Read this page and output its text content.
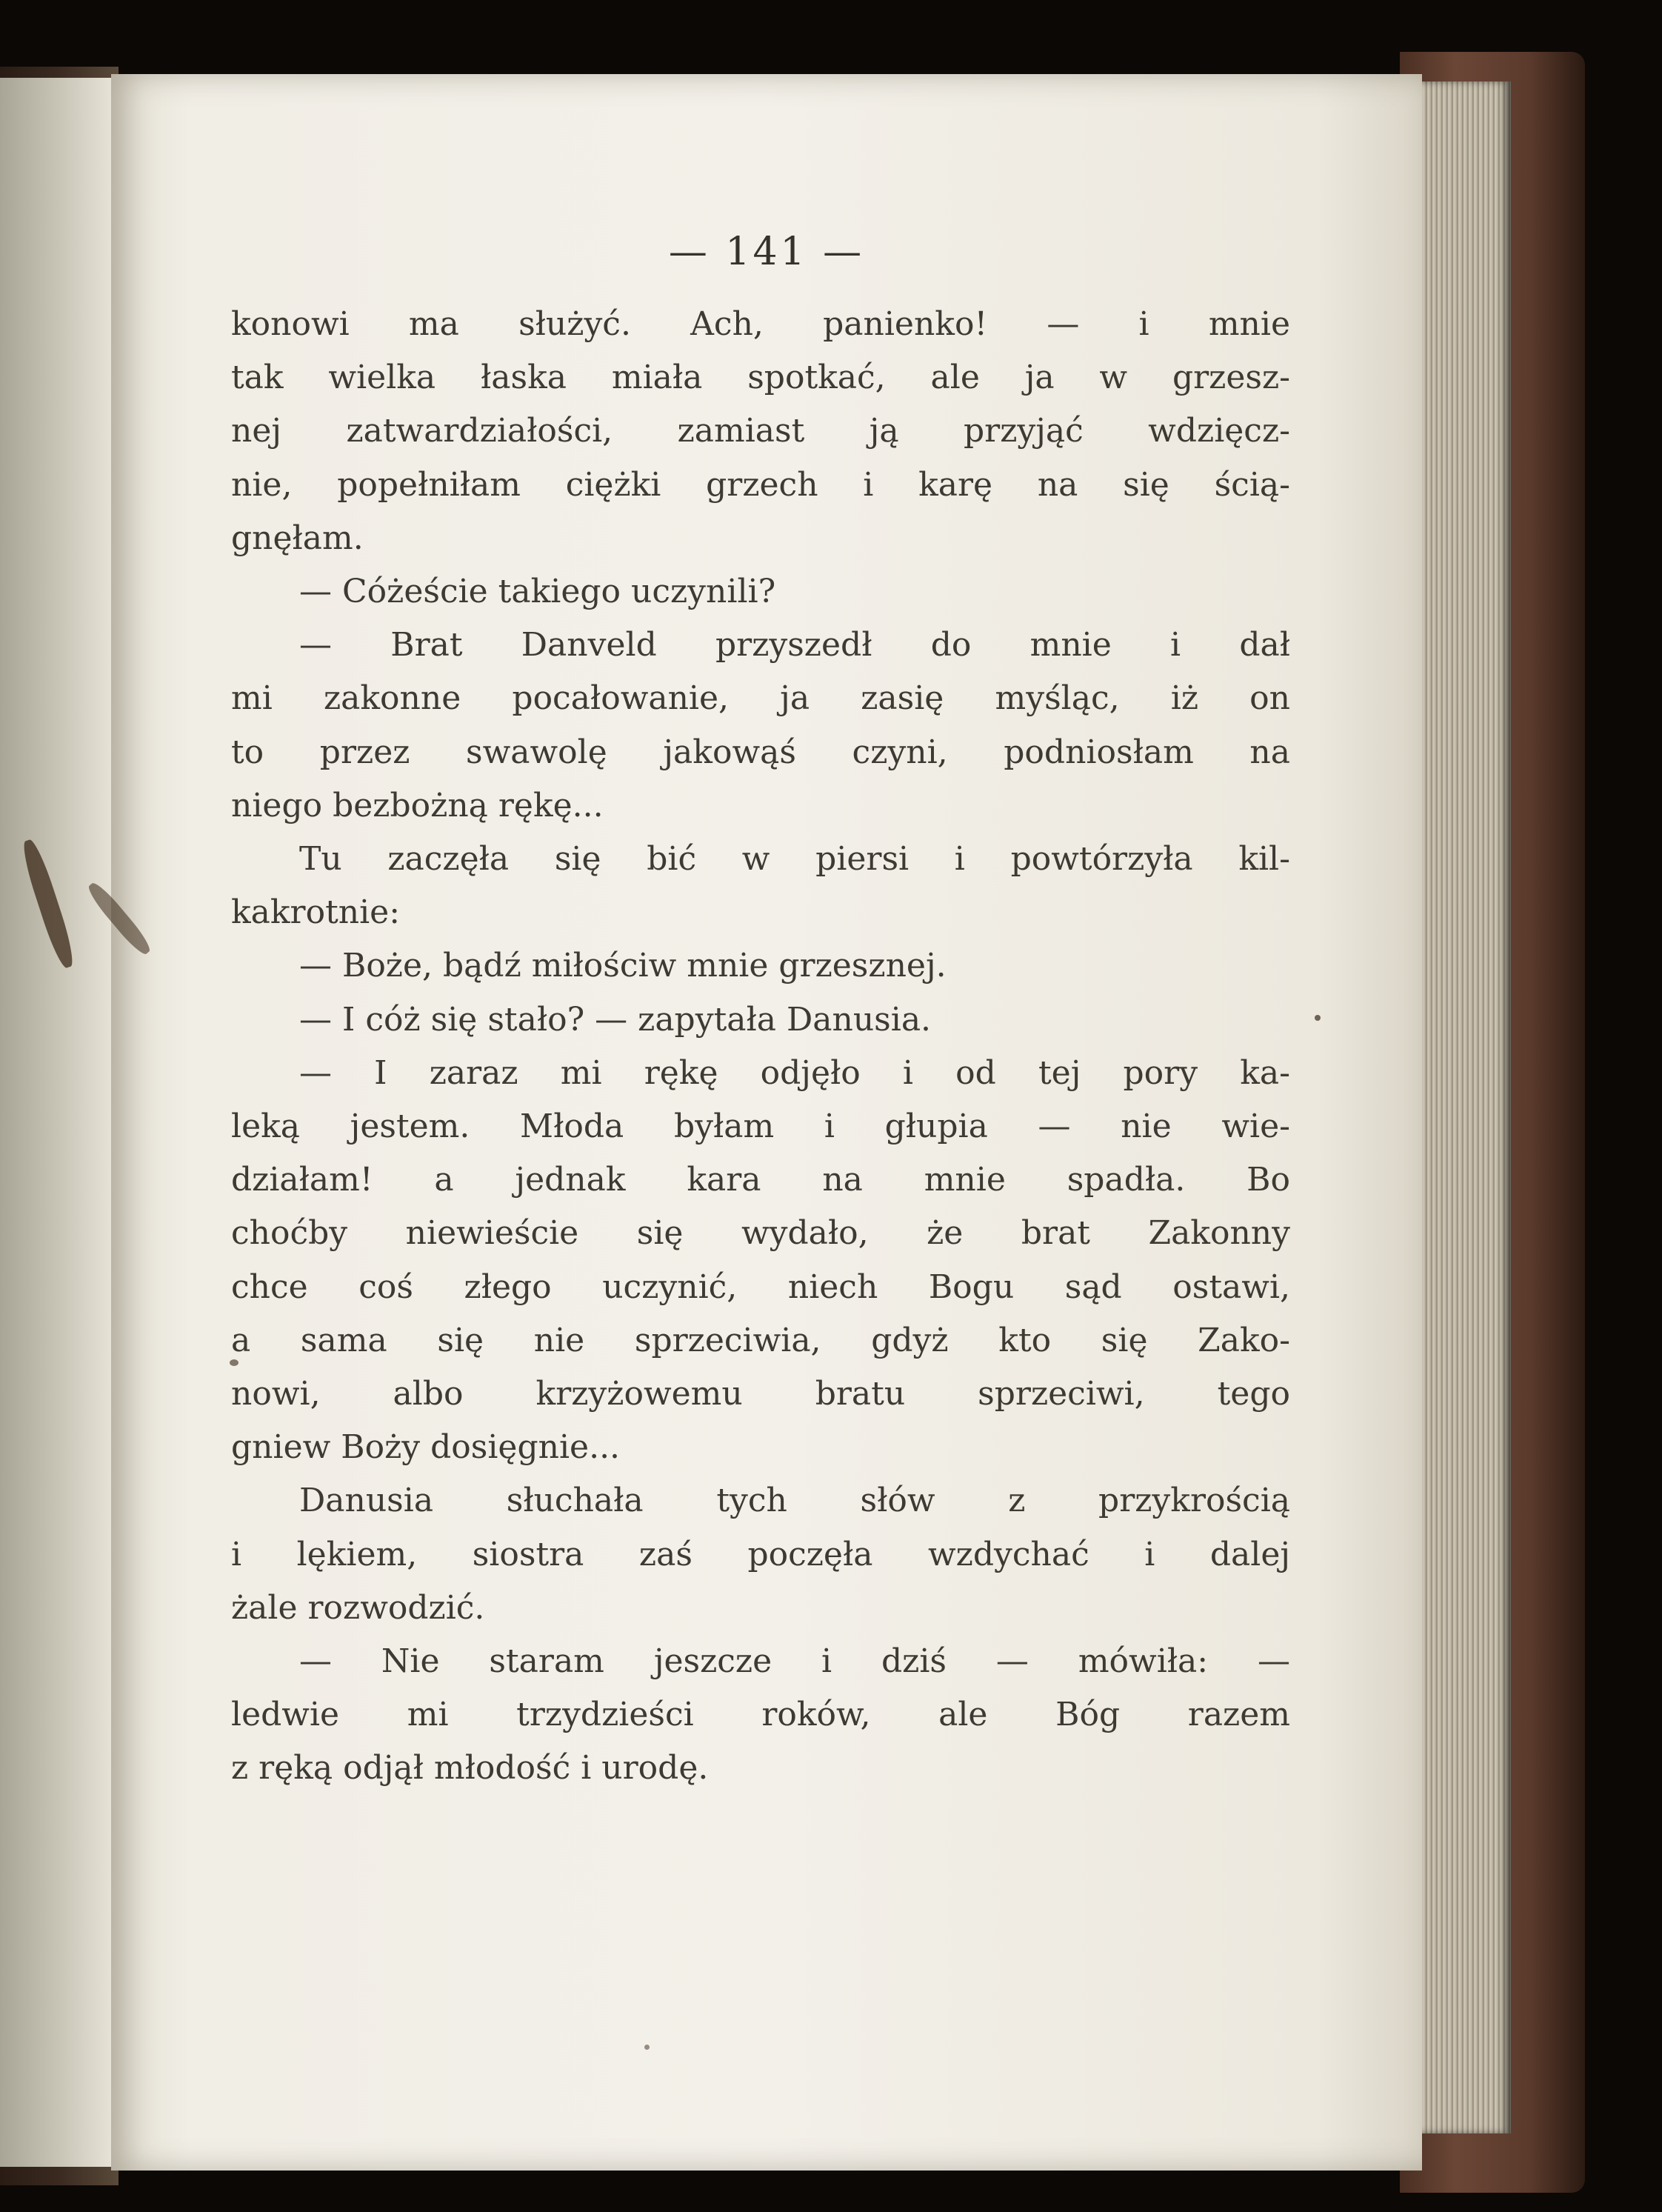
— 141 —
konowi ma służyć. Ach, panienko! — i mnie
tak wielka łaska miała spotkać, ale ja w grzesz-
nej zatwardziałości, zamiast ją przyjąć wdzięcz-
nie, popełniłam ciężki grzech i karę na się ścią-
gnęłam.
— Cóżeście takiego uczynili?
— Brat Danveld przyszedł do mnie i dał
mi zakonne pocałowanie, ja zasię myśląc, iż on
to przez swawolę jakowąś czyni, podniosłam na
niego bezbożną rękę...
Tu zaczęła się bić w piersi i powtórzyła kil-
kakrotnie:
— Boże, bądź miłościw mnie grzesznej.
— I cóż się stało? — zapytała Danusia.
— I zaraz mi rękę odjęło i od tej pory ka-
leką jestem. Młoda byłam i głupia — nie wie-
działam! a jednak kara na mnie spadła. Bo
choćby niewieście się wydało, że brat Zakonny
chce coś złego uczynić, niech Bogu sąd ostawi,
a sama się nie sprzeciwia, gdyż kto się Zako-
nowi, albo krzyżowemu bratu sprzeciwi, tego
gniew Boży dosięgnie...
Danusia słuchała tych słów z przykrością
i lękiem, siostra zaś poczęła wzdychać i dalej
żale rozwodzić.
— Nie staram jeszcze i dziś — mówiła: —
ledwie mi trzydzieści roków, ale Bóg razem
z ręką odjął młodość i urodę.
